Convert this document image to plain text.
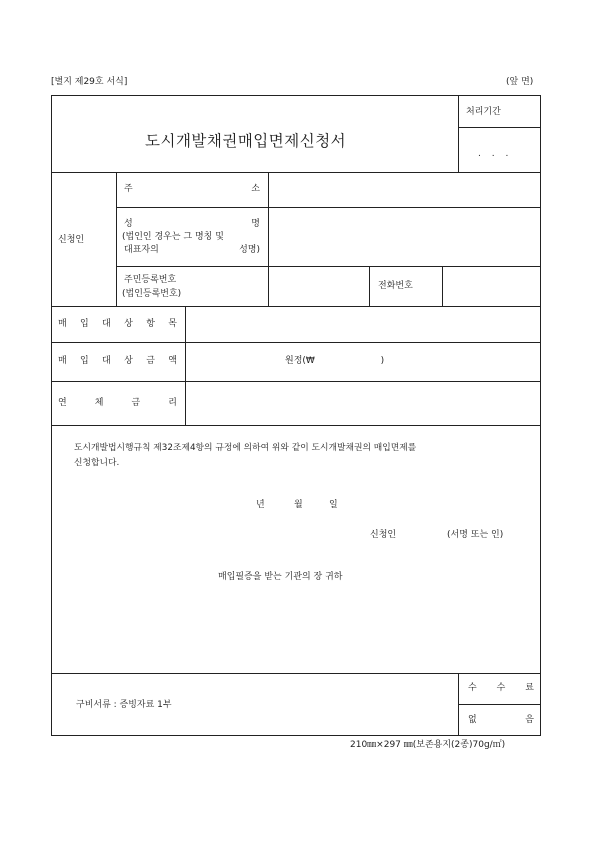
[별지 제29호 서식]	(앞 면)
도시개발채권매입면제신청서
처리기간
. . .
신청인
주	소
성	명
(법인인 경우는 그 명칭 및
대표자의	성명)
주민등록번호
(법인등록번호)
전화번호
매 입 대 상 항 목
매 입 대 상 금 액	원정(₩                       )
연	체	금	리
도시개발법시행규칙 제32조제4항의 규정에 의하여 위와 같이 도시개발채권의 매입면제를
신청합니다.
년	월	일
신청인	(서명 또는 인)
매입필증을 받는 기관의 장 귀하
구비서류 : 증빙자료 1부
수 수 료
없	음
210㎜×297 ㎜(보존용지(2종)70g/㎡)
